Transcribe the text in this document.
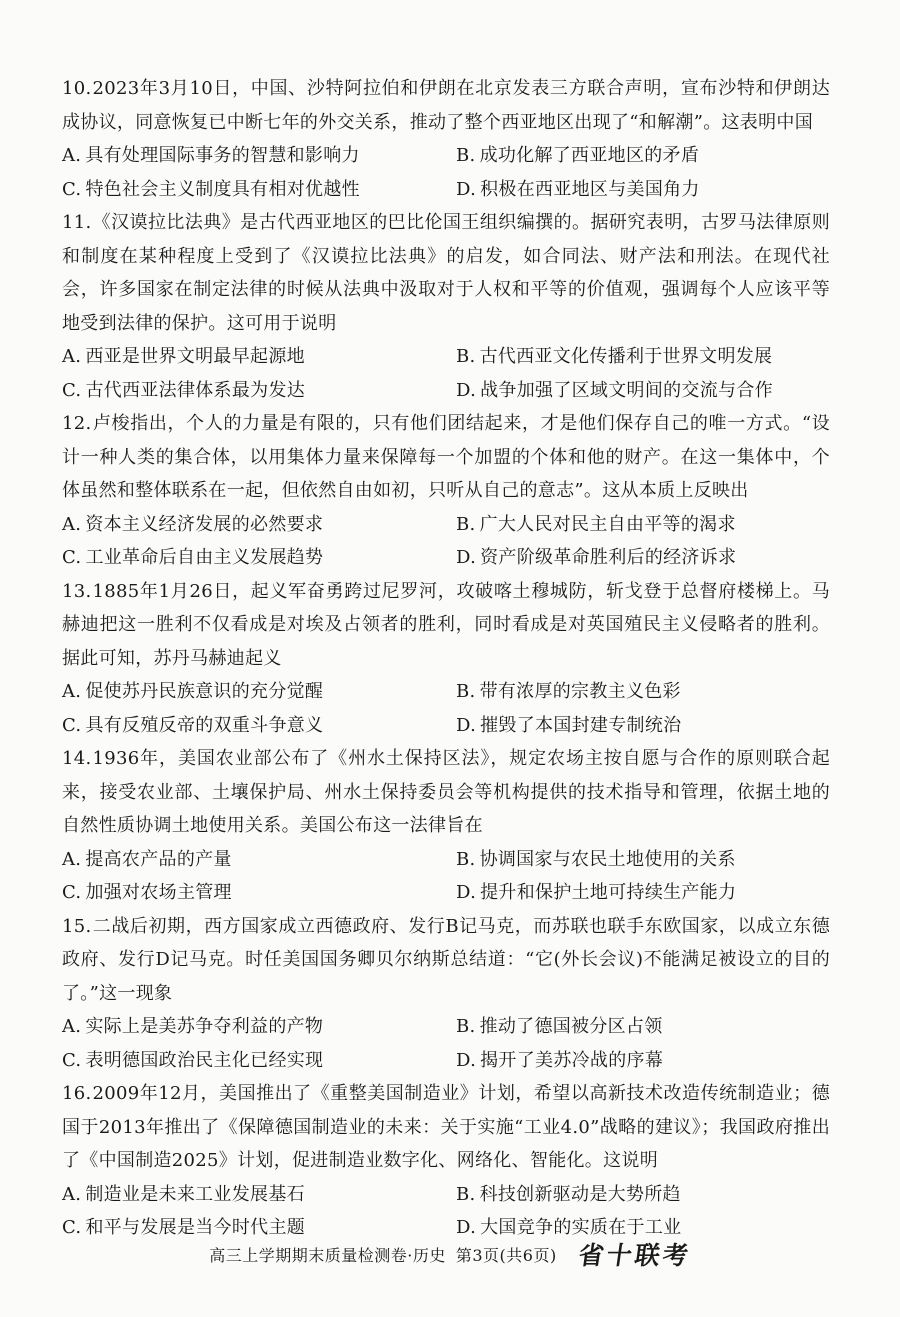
10.2023年3月10日，中国、沙特阿拉伯和伊朗在北京发表三方联合声明，宣布沙特和伊朗达成协议，同意恢复已中断七年的外交关系，推动了整个西亚地区出现了“和解潮”。这表明中国
A. 具有处理国际事务的智慧和影响力	B. 成功化解了西亚地区的矛盾
C. 特色社会主义制度具有相对优越性	D. 积极在西亚地区与美国角力
11.《汉谟拉比法典》是古代西亚地区的巴比伦国王组织编撰的。据研究表明，古罗马法律原则和制度在某种程度上受到了《汉谟拉比法典》的启发，如合同法、财产法和刑法。在现代社会，许多国家在制定法律的时候从法典中汲取对于人权和平等的价值观，强调每个人应该平等地受到法律的保护。这可用于说明
A. 西亚是世界文明最早起源地	B. 古代西亚文化传播利于世界文明发展
C. 古代西亚法律体系最为发达	D. 战争加强了区域文明间的交流与合作
12.卢梭指出，个人的力量是有限的，只有他们团结起来，才是他们保存自己的唯一方式。“设计一种人类的集合体，以用集体力量来保障每一个加盟的个体和他的财产。在这一集体中，个体虽然和整体联系在一起，但依然自由如初，只听从自己的意志”。这从本质上反映出
A. 资本主义经济发展的必然要求	B. 广大人民对民主自由平等的渴求
C. 工业革命后自由主义发展趋势	D. 资产阶级革命胜利后的经济诉求
13.1885年1月26日，起义军奋勇跨过尼罗河，攻破喀土穆城防，斩戈登于总督府楼梯上。马赫迪把这一胜利不仅看成是对埃及占领者的胜利，同时看成是对英国殖民主义侵略者的胜利。据此可知，苏丹马赫迪起义
A. 促使苏丹民族意识的充分觉醒	B. 带有浓厚的宗教主义色彩
C. 具有反殖反帝的双重斗争意义	D. 摧毁了本国封建专制统治
14.1936年，美国农业部公布了《州水土保持区法》，规定农场主按自愿与合作的原则联合起来，接受农业部、土壤保护局、州水土保持委员会等机构提供的技术指导和管理，依据土地的自然性质协调土地使用关系。美国公布这一法律旨在
A. 提高农产品的产量	B. 协调国家与农民土地使用的关系
C. 加强对农场主管理	D. 提升和保护土地可持续生产能力
15.二战后初期，西方国家成立西德政府、发行B记马克，而苏联也联手东欧国家，以成立东德政府、发行D记马克。时任美国国务卿贝尔纳斯总结道：“它(外长会议)不能满足被设立的目的了。”这一现象
A. 实际上是美苏争夺利益的产物	B. 推动了德国被分区占领
C. 表明德国政治民主化已经实现	D. 揭开了美苏冷战的序幕
16.2009年12月，美国推出了《重整美国制造业》计划，希望以高新技术改造传统制造业；德国于2013年推出了《保障德国制造业的未来：关于实施“工业4.0”战略的建议》；我国政府推出了《中国制造2025》计划，促进制造业数字化、网络化、智能化。这说明
A. 制造业是未来工业发展基石	B. 科技创新驱动是大势所趋
C. 和平与发展是当今时代主题	D. 大国竞争的实质在于工业
高三上学期期末质量检测卷·历史 第3页(共6页) 省十联考
